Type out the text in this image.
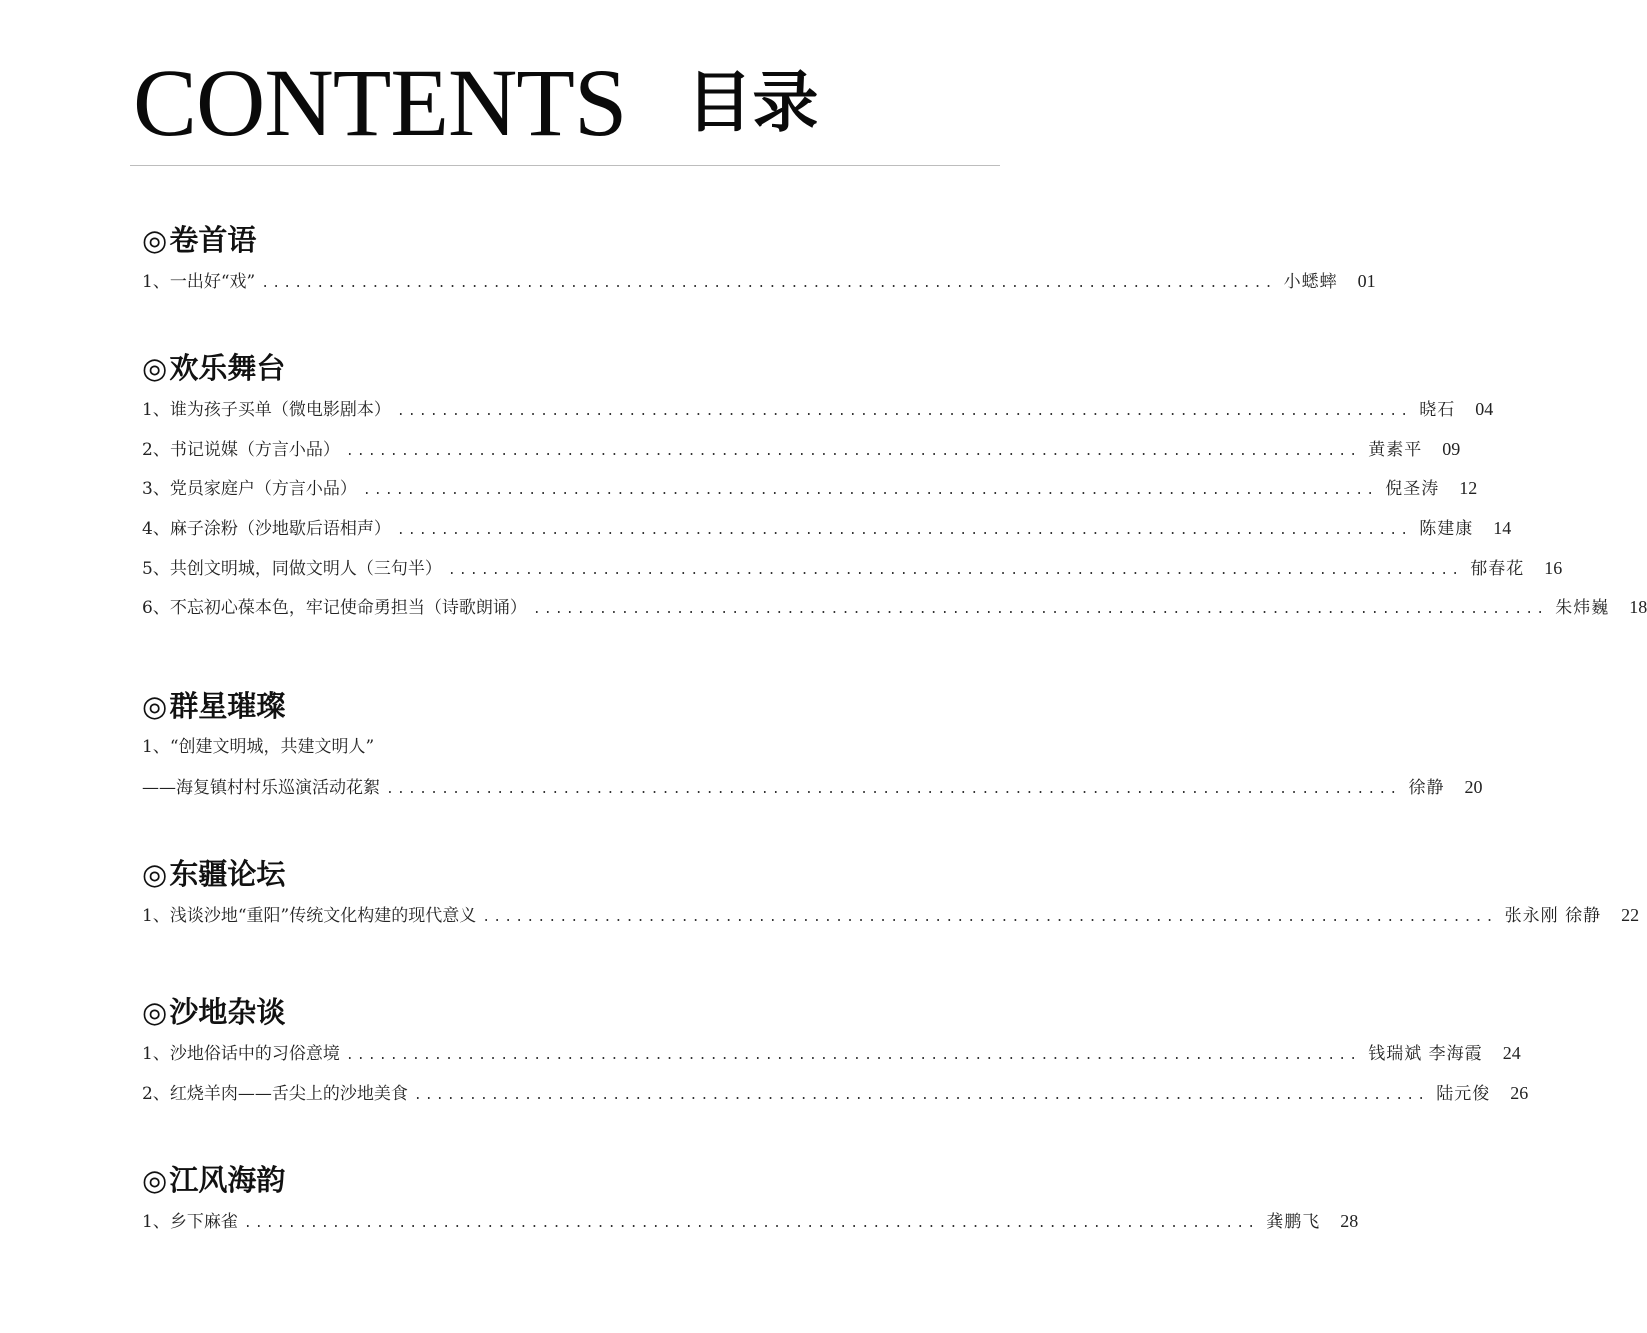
CONTENTS 目录
◎卷首语
1、 一出好“戏” ............................................................................................ 小蟋蟀	01
◎欢乐舞台
1、 谁为孩子买单（微电影剧本） ............................................................................................ 晓石	04
2、 书记说媒（方言小品） ............................................................................................ 黄素平	09
3、 党员家庭户（方言小品） ............................................................................................ 倪圣涛	12
4、 麻子涂粉（沙地歇后语相声） ............................................................................................ 陈建康	14
5、 共创文明城，同做文明人（三句半） ............................................................................................ 郁春花	16
6、 不忘初心葆本色，牢记使命勇担当（诗歌朗诵） ............................................................................................ 朱炜巍	18
◎群星璀璨
1、 “创建文明城，共建文明人”
——海复镇村村乐巡演活动花絮 ............................................................................................ 徐静	20
◎东疆论坛
1、 浅谈沙地“重阳”传统文化构建的现代意义 ............................................................................................ 张永刚 徐静	22
◎沙地杂谈
1、 沙地俗话中的习俗意境 ............................................................................................ 钱瑞斌 李海霞	24
2、 红烧羊肉——舌尖上的沙地美食 ............................................................................................ 陆元俊	26
◎江风海韵
1、 乡下麻雀 ............................................................................................ 龚鹏飞	28
